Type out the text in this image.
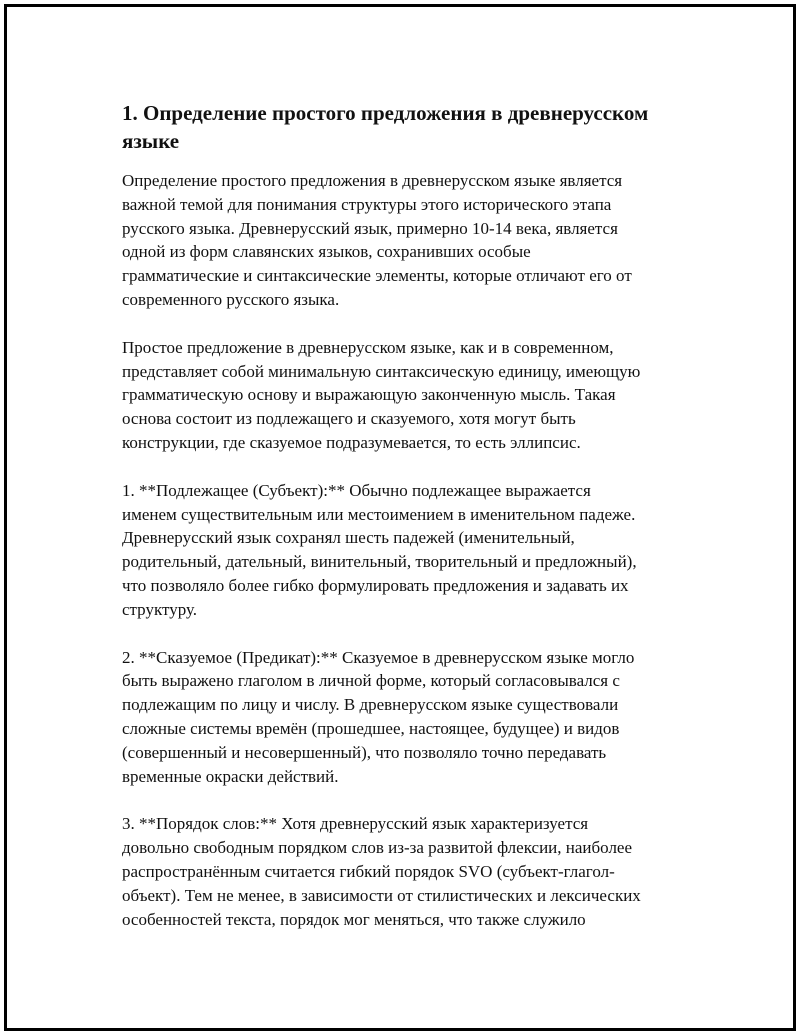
1. Определение простого предложения в древнерусском языке

Определение простого предложения в древнерусском языке является
важной темой для понимания структуры этого исторического этапа
русского языка. Древнерусский язык, примерно 10-14 века, является
одной из форм славянских языков, сохранивших особые
грамматические и синтаксические элементы, которые отличают его от
современного русского языка.

Простое предложение в древнерусском языке, как и в современном,
представляет собой минимальную синтаксическую единицу, имеющую
грамматическую основу и выражающую законченную мысль. Такая
основа состоит из подлежащего и сказуемого, хотя могут быть
конструкции, где сказуемое подразумевается, то есть эллипсис.

1. **Подлежащее (Субъект):** Обычно подлежащее выражается
именем существительным или местоимением в именительном падеже.
Древнерусский язык сохранял шесть падежей (именительный,
родительный, дательный, винительный, творительный и предложный),
что позволяло более гибко формулировать предложения и задавать их
структуру.

2. **Сказуемое (Предикат):** Сказуемое в древнерусском языке могло
быть выражено глаголом в личной форме, который согласовывался с
подлежащим по лицу и числу. В древнерусском языке существовали
сложные системы времён (прошедшее, настоящее, будущее) и видов
(совершенный и несовершенный), что позволяло точно передавать
временные окраски действий.

3. **Порядок слов:** Хотя древнерусский язык характеризуется
довольно свободным порядком слов из-за развитой флексии, наиболее
распространённым считается гибкий порядок SVO (субъект-глагол-
объект). Тем не менее, в зависимости от стилистических и лексических
особенностей текста, порядок мог меняться, что также служило
